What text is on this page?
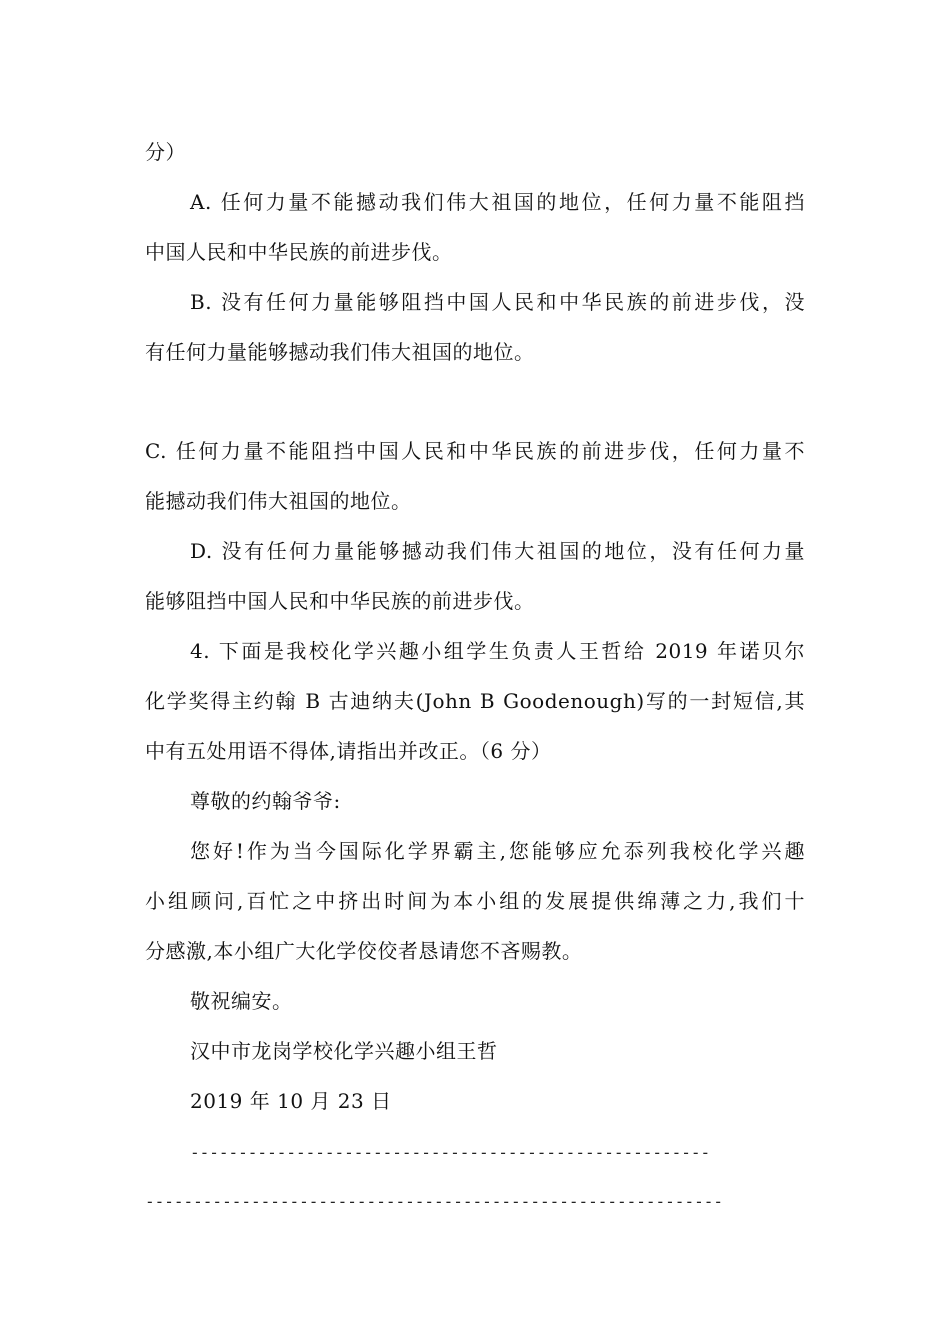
分）
A. 任何力量不能撼动我们伟大祖国的地位，任何力量不能阻挡
中国人民和中华民族的前进步伐。
B. 没有任何力量能够阻挡中国人民和中华民族的前进步伐，没
有任何力量能够撼动我们伟大祖国的地位。
C. 任何力量不能阻挡中国人民和中华民族的前进步伐，任何力量不
能撼动我们伟大祖国的地位。
D. 没有任何力量能够撼动我们伟大祖国的地位，没有任何力量
能够阻挡中国人民和中华民族的前进步伐。
4. 下面是我校化学兴趣小组学生负责人王哲给 2019 年诺贝尔
化学奖得主约翰 B 古迪纳夫(John B Goodenough)写的一封短信,其
中有五处用语不得体,请指出并改正。（6 分）
尊敬的约翰爷爷:
您好!作为当今国际化学界霸主,您能够应允忝列我校化学兴趣
小组顾问,百忙之中挤出时间为本小组的发展提供绵薄之力,我们十
分感激,本小组广大化学佼佼者恳请您不吝赐教。
敬祝编安。
汉中市龙岗学校化学兴趣小组王哲
2019 年 10 月 23 日
------------------------------------------------------
------------------------------------------------------------
